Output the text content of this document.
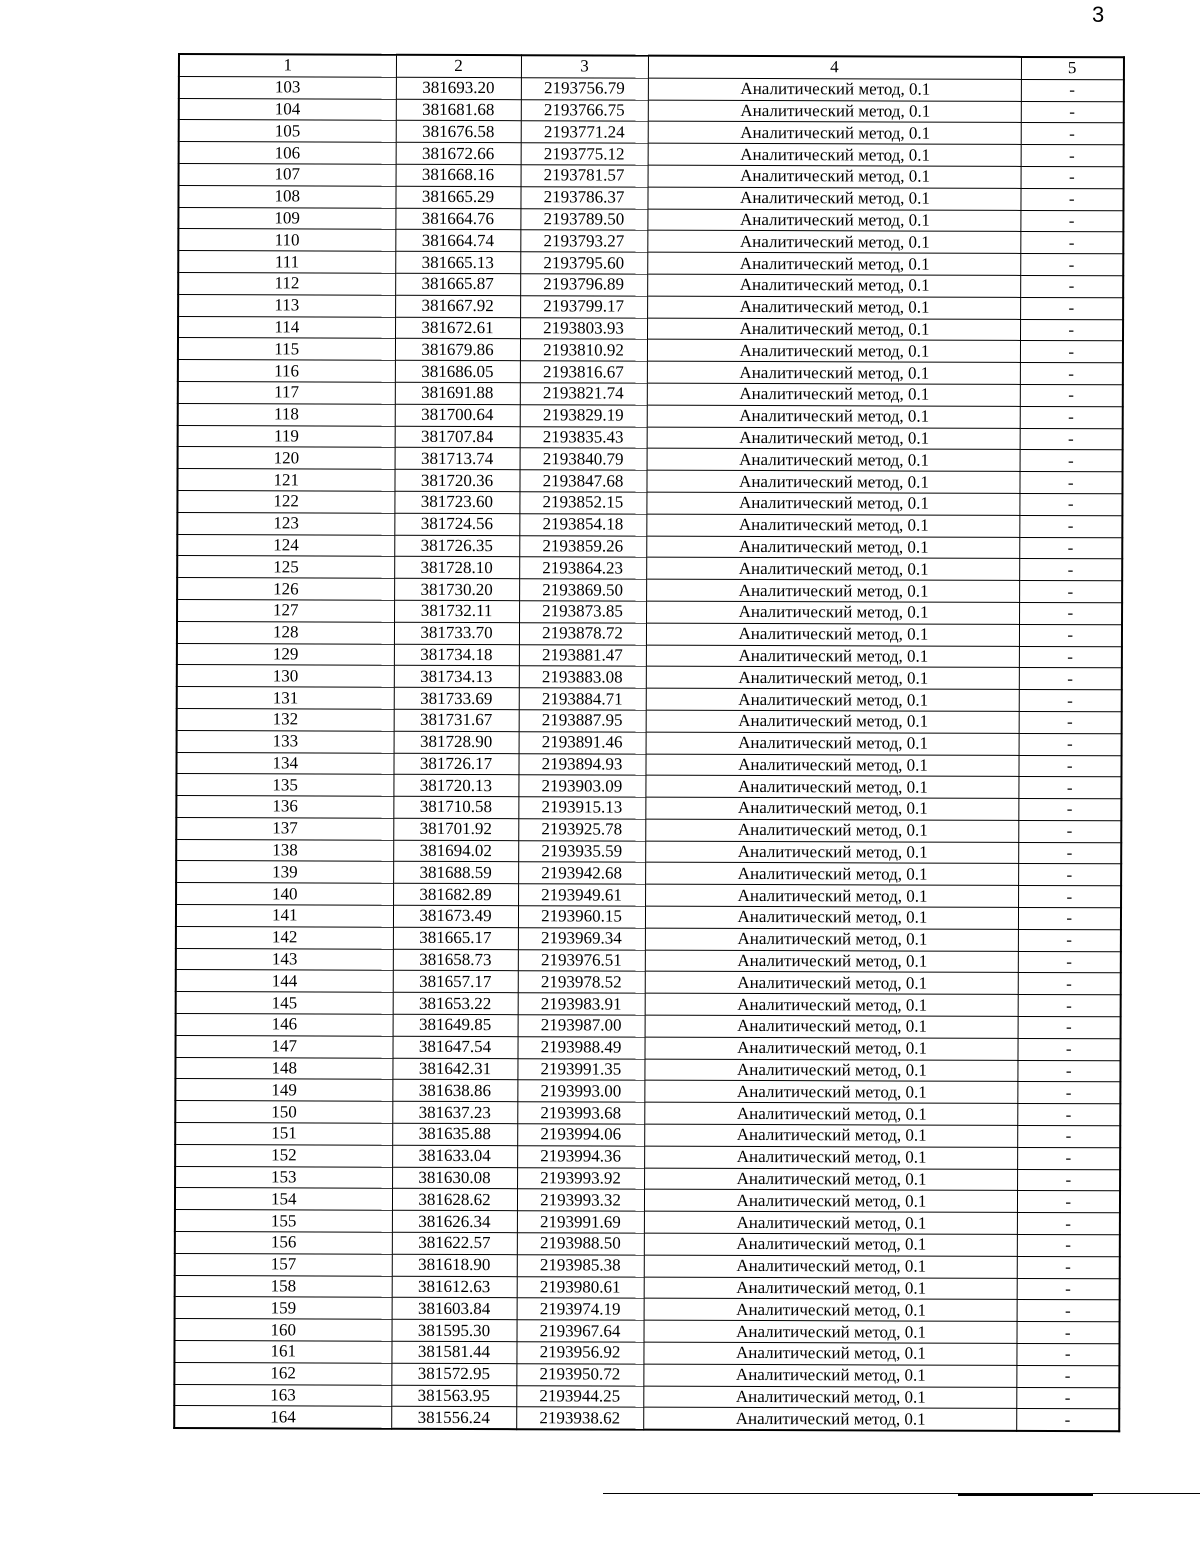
3
1	2	3	4	5
103	381693.20	2193756.79	Аналитический метод, 0.1	-
104	381681.68	2193766.75	Аналитический метод, 0.1	-
105	381676.58	2193771.24	Аналитический метод, 0.1	-
106	381672.66	2193775.12	Аналитический метод, 0.1	-
107	381668.16	2193781.57	Аналитический метод, 0.1	-
108	381665.29	2193786.37	Аналитический метод, 0.1	-
109	381664.76	2193789.50	Аналитический метод, 0.1	-
110	381664.74	2193793.27	Аналитический метод, 0.1	-
111	381665.13	2193795.60	Аналитический метод, 0.1	-
112	381665.87	2193796.89	Аналитический метод, 0.1	-
113	381667.92	2193799.17	Аналитический метод, 0.1	-
114	381672.61	2193803.93	Аналитический метод, 0.1	-
115	381679.86	2193810.92	Аналитический метод, 0.1	-
116	381686.05	2193816.67	Аналитический метод, 0.1	-
117	381691.88	2193821.74	Аналитический метод, 0.1	-
118	381700.64	2193829.19	Аналитический метод, 0.1	-
119	381707.84	2193835.43	Аналитический метод, 0.1	-
120	381713.74	2193840.79	Аналитический метод, 0.1	-
121	381720.36	2193847.68	Аналитический метод, 0.1	-
122	381723.60	2193852.15	Аналитический метод, 0.1	-
123	381724.56	2193854.18	Аналитический метод, 0.1	-
124	381726.35	2193859.26	Аналитический метод, 0.1	-
125	381728.10	2193864.23	Аналитический метод, 0.1	-
126	381730.20	2193869.50	Аналитический метод, 0.1	-
127	381732.11	2193873.85	Аналитический метод, 0.1	-
128	381733.70	2193878.72	Аналитический метод, 0.1	-
129	381734.18	2193881.47	Аналитический метод, 0.1	-
130	381734.13	2193883.08	Аналитический метод, 0.1	-
131	381733.69	2193884.71	Аналитический метод, 0.1	-
132	381731.67	2193887.95	Аналитический метод, 0.1	-
133	381728.90	2193891.46	Аналитический метод, 0.1	-
134	381726.17	2193894.93	Аналитический метод, 0.1	-
135	381720.13	2193903.09	Аналитический метод, 0.1	-
136	381710.58	2193915.13	Аналитический метод, 0.1	-
137	381701.92	2193925.78	Аналитический метод, 0.1	-
138	381694.02	2193935.59	Аналитический метод, 0.1	-
139	381688.59	2193942.68	Аналитический метод, 0.1	-
140	381682.89	2193949.61	Аналитический метод, 0.1	-
141	381673.49	2193960.15	Аналитический метод, 0.1	-
142	381665.17	2193969.34	Аналитический метод, 0.1	-
143	381658.73	2193976.51	Аналитический метод, 0.1	-
144	381657.17	2193978.52	Аналитический метод, 0.1	-
145	381653.22	2193983.91	Аналитический метод, 0.1	-
146	381649.85	2193987.00	Аналитический метод, 0.1	-
147	381647.54	2193988.49	Аналитический метод, 0.1	-
148	381642.31	2193991.35	Аналитический метод, 0.1	-
149	381638.86	2193993.00	Аналитический метод, 0.1	-
150	381637.23	2193993.68	Аналитический метод, 0.1	-
151	381635.88	2193994.06	Аналитический метод, 0.1	-
152	381633.04	2193994.36	Аналитический метод, 0.1	-
153	381630.08	2193993.92	Аналитический метод, 0.1	-
154	381628.62	2193993.32	Аналитический метод, 0.1	-
155	381626.34	2193991.69	Аналитический метод, 0.1	-
156	381622.57	2193988.50	Аналитический метод, 0.1	-
157	381618.90	2193985.38	Аналитический метод, 0.1	-
158	381612.63	2193980.61	Аналитический метод, 0.1	-
159	381603.84	2193974.19	Аналитический метод, 0.1	-
160	381595.30	2193967.64	Аналитический метод, 0.1	-
161	381581.44	2193956.92	Аналитический метод, 0.1	-
162	381572.95	2193950.72	Аналитический метод, 0.1	-
163	381563.95	2193944.25	Аналитический метод, 0.1	-
164	381556.24	2193938.62	Аналитический метод, 0.1	-
